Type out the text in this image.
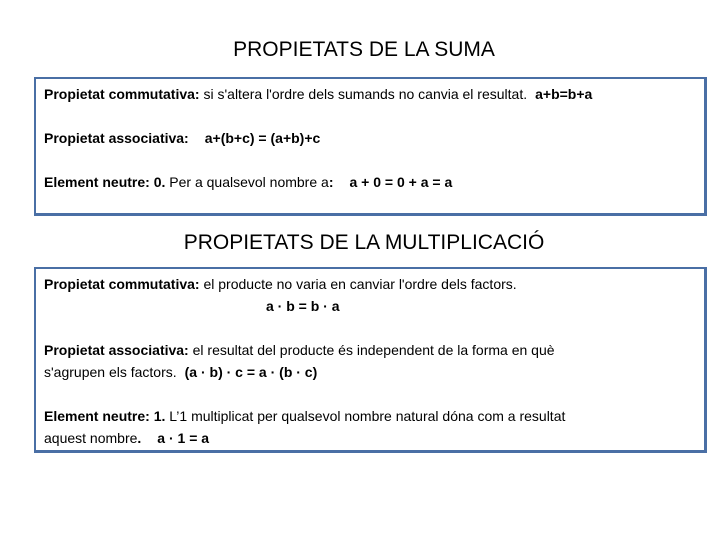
PROPIETATS DE LA SUMA
Propietat commutativa: si s'altera l'ordre dels sumands no canvia el resultat. a+b=b+a
Propietat associativa: a+(b+c) = (a+b)+c
Element neutre: 0. Per a qualsevol nombre a: a + 0 = 0 + a = a
PROPIETATS DE LA MULTIPLICACIÓ
Propietat commutativa: el producte no varia en canviar l'ordre dels factors.
a · b = b · a
Propietat associativa: el resultat del producte és independent de la forma en què
s'agrupen els factors. (a · b) · c = a · (b · c)
Element neutre: 1. L’1 multiplicat per qualsevol nombre natural dóna com a resultat
aquest nombre. a · 1 = a
